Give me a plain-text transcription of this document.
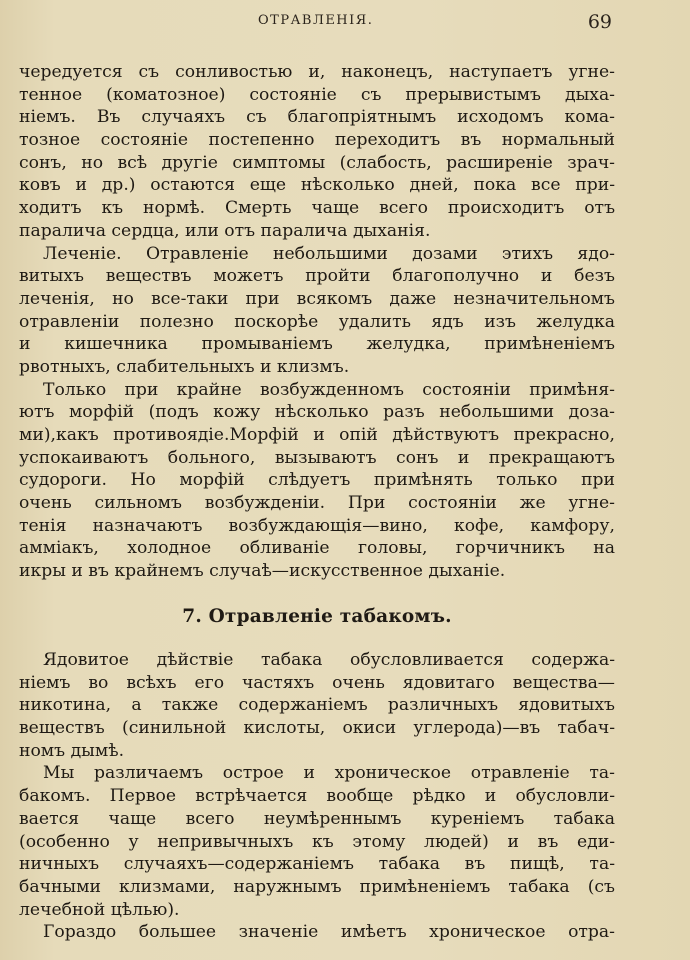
ОТРАВЛЕНIЯ.	69
чередуется съ сонливостью и, наконецъ, наступаетъ угне-
тенное (коматозное) состояніе съ прерывистымъ дыха-
ніемъ. Въ случаяхъ съ благопріятнымъ исходомъ кома-
тозное состояніе постепенно переходитъ въ нормальный
сонъ, но всѣ другіе симптомы (слабость, расширеніе зрач-
ковъ и др.) остаются еще нѣсколько дней, пока все при-
ходитъ къ нормѣ. Смерть чаще всего происходитъ отъ
паралича сердца, или отъ паралича дыханія.
Леченіе. Отравленіе небольшими дозами этихъ ядо-
витыхъ веществъ можетъ пройти благополучно и безъ
леченія, но все-таки при всякомъ даже незначительномъ
отравленіи полезно поскорѣе удалить ядъ изъ желудка
и кишечника промываніемъ желудка, примѣненіемъ
рвотныхъ, слабительныхъ и клизмъ.
Только при крайне возбужденномъ состояніи примѣня-
ютъ морфій (подъ кожу нѣсколько разъ небольшими доза-
ми),какъ противоядіе.Морфій и опій дѣйствуютъ прекрасно,
успокаиваютъ больного, вызываютъ сонъ и прекращаютъ
судороги. Но морфій слѣдуетъ примѣнять только при
очень сильномъ возбужденіи. При состояніи же угне-
тенія назначаютъ возбуждающія—вино, кофе, камфору,
амміакъ, холодное обливаніе головы, горчичникъ на
икры и въ крайнемъ случаѣ—искусственное дыханіе.
7. Отравленіе табакомъ.
Ядовитое дѣйствіе табака обусловливается содержа-
ніемъ во всѣхъ его частяхъ очень ядовитаго вещества—
никотина, а также содержаніемъ различныхъ ядовитыхъ
веществъ (синильной кислоты, окиси углерода)—въ табач-
номъ дымѣ.
Мы различаемъ острое и хроническое отравленіе та-
бакомъ. Первое встрѣчается вообще рѣдко и обусловли-
вается чаще всего неумѣреннымъ куреніемъ табака
(особенно у непривычныхъ къ этому людей) и въ еди-
ничныхъ случаяхъ—содержаніемъ табака въ пищѣ, та-
бачными клизмами, наружнымъ примѣненіемъ табака (съ
лечебной цѣлью).
Гораздо большее значеніе имѣетъ хроническое отра-
